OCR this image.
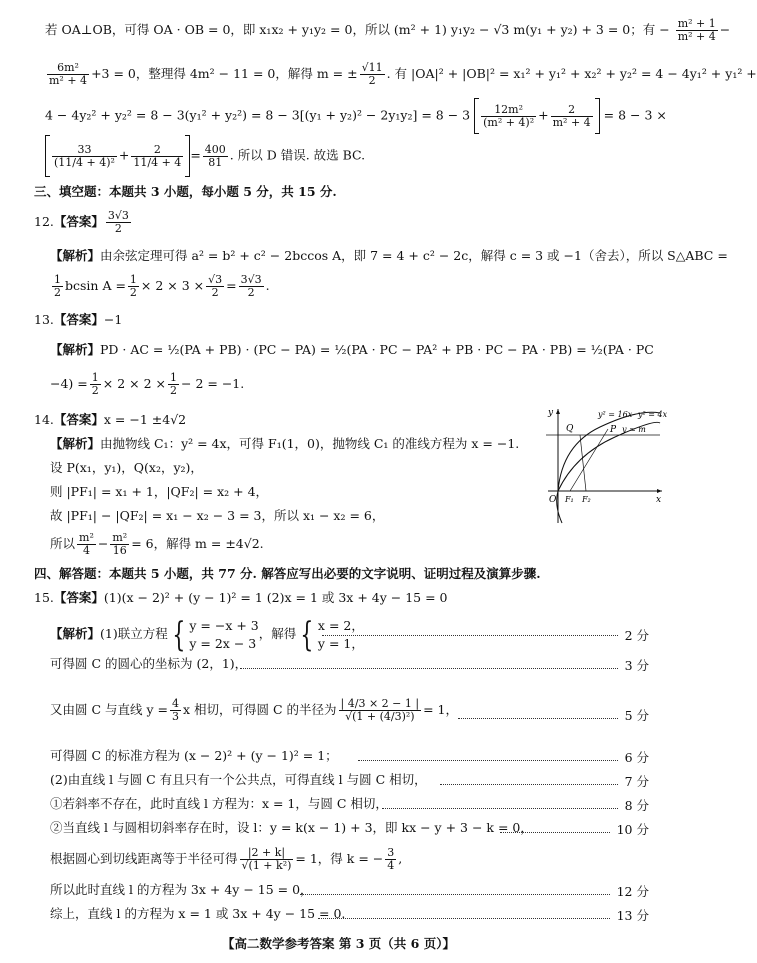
若 OA⊥OB，可得 OA · OB = 0，即 x₁x₂ + y₁y₂ = 0，所以 (m² + 1) y₁y₂ − √3 m(y₁ + y₂) + 3 = 0；有 − $\frac{\text{m² + 1}}{\text{m² + 4}}$ −
$\frac{\text{6m²}}{\text{m² + 4}} +3 = 0$，整理得 4m² − 11 = 0，解得 m = ± $\frac{√11}{2}$ . 有 |OA|² + |OB|² = x₁² + y₁² + x₂² + y₂² = 4 − 4y₁² + y₁² +
$4 - 4y_2^2 + y_2^2 = 8 - 3(y_1^2 + y_2^2) = 8 - 3[(y_1 + y_2)^2 - 2y_1y_2] = 8 - 3 \frac{\text{12m²}}{\text{(m² + 4)²}} + \frac{2}{\text{m² + 4}} = 8 - 3$ ×
$\frac{33}{\text{(11/4 + 4)²}} + \frac{2}{11/4 + 4} = \frac{400}{81}$ . 所以 D 错误. 故选 BC.
三、填空题：本题共 3 小题，每小题 5 分，共 15 分.
12.【答案】 $\frac{3√3}{2}$
【解析】由余弦定理可得 a² = b² + c² − 2bccos A，即 7 = 4 + c² − 2c，解得 c = 3 或 −1（舍去），所以 S△ABC =
$\frac{1}{2}$ bcsin $A = \frac{1}{2} \times 2 \times 3 \times \frac{√3}{2} = \frac{3√3}{2}$ .
13.【答案】−1
【解析】PD · AC = ½(PA + PB) · (PC − PA) = ½(PA · PC − PA² + PB · PC − PA · PB) = ½(PA · PC
$-4) = \frac{1}{2} \times 2 \times 2 \times \frac{1}{2} - 2 = -1$.
14.【答案】x = −1 ±4√2
【解析】由抛物线 C₁：y² = 4x，可得 F₁(1，0)，抛物线 C₁ 的准线方程为 x = −1.
设 P(x₁，y₁)，Q(x₂，y₂)，
则 |PF₁| = x₁ + 1，|QF₂| = x₂ + 4，
故 |PF₁| − |QF₂| = x₁ − x₂ − 3 = 3，所以 x₁ − x₂ = 6，
所以 $\frac{\text{m²}}{4} - \frac{\text{m²}}{16} = 6$，解得 m = ±4√2.
y
x
O
y² = 16x y² = 4x
Q	P y = m
F₁ F₂
四、解答题：本题共 5 小题，共 77 分. 解答应写出必要的文字说明、证明过程及演算步骤.
15.【答案】(1)(x − 2)² + (y − 1)² = 1 (2)x = 1 或 3x + 4y − 15 = 0
【解析】(1)联立方程 { y = −x + 3
y = 2x − 3
，解得 { x = 2，
y = 1，	2 分
可得圆 C 的圆心的坐标为 (2，1)，	3 分
又由圆 C 与直线 $y = \frac{4}{3}$ x 相切，可得圆 C 的半径为 $\frac{| 4/3 \times 2 - 1 |}{\text{√(1 + (4/3)²)}} = 1$，	5 分
可得圆 C 的标准方程为 (x − 2)² + (y − 1)² = 1；	6 分
(2)由直线 l 与圆 C 有且只有一个公共点，可得直线 l 与圆 C 相切，	7 分
①若斜率不存在，此时直线 l 方程为：x = 1，与圆 C 相切，	8 分
②当直线 l 与圆相切斜率存在时，设 l：y = k(x − 1) + 3，即 kx − y + 3 − k = 0，	10 分
根据圆心到切线距离等于半径可得 $\frac{|2 + k|}{\text{√(1 + k²)}} = 1$，得 k = − $\frac{3}{4}$ ,
所以此时直线 l 的方程为 3x + 4y − 15 = 0，	12 分
综上，直线 l 的方程为 x = 1 或 3x + 4y − 15 = 0.	13 分
【高二数学参考答案 第 3 页（共 6 页）】
